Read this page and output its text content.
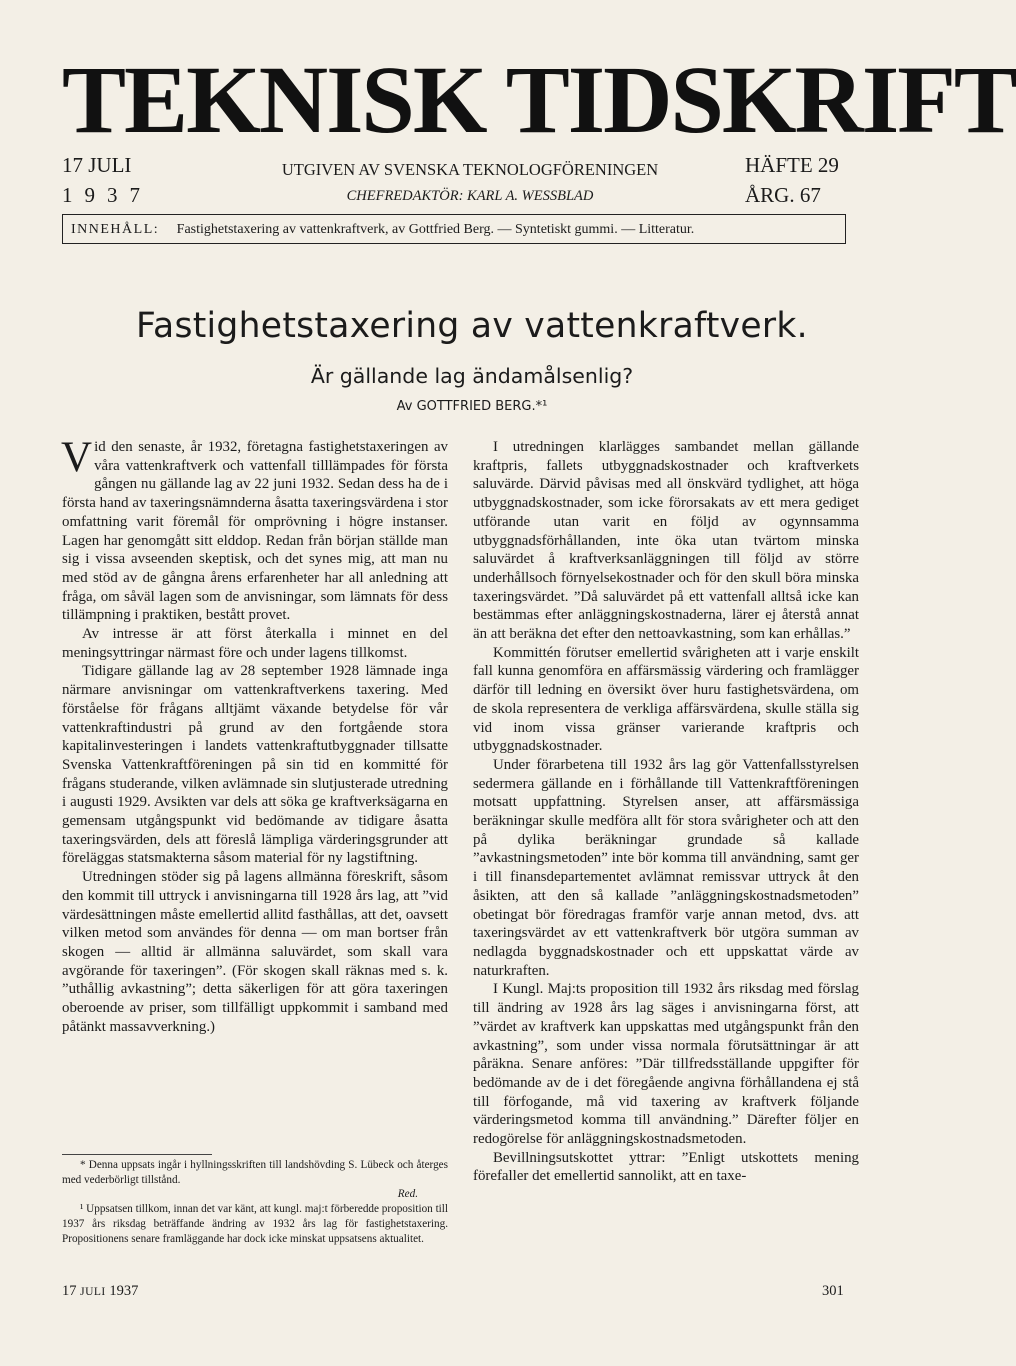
TEKNISK TIDSKRIFT
17 JULI
1937
UTGIVEN AV SVENSKA TEKNOLOGFÖRENINGEN
CHEFREDAKTÖR: KARL A. WESSBLAD
HÄFTE 29
ÅRG. 67
INNEHÅLL: Fastighetstaxering av vattenkraftverk, av Gottfried Berg. — Syntetiskt gummi. — Litteratur.
Fastighetstaxering av vattenkraftverk.
Är gällande lag ändamålsenlig?
Av GOTTFRIED BERG.*¹

Vid den senaste, år 1932, företagna fastighetstaxeringen av våra vattenkraftverk och vattenfall tilllämpades för första gången nu gällande lag av 22 juni 1932. Sedan dess ha de i första hand av taxeringsnämnderna åsatta taxeringsvärdena i stor omfattning varit föremål för omprövning i högre instanser. Lagen har genomgått sitt elddop. Redan från början ställde man sig i vissa avseenden skeptisk, och det synes mig, att man nu med stöd av de gångna årens erfarenheter har all anledning att fråga, om såväl lagen som de anvisningar, som lämnats för dess tillämpning i praktiken, bestått provet.

Av intresse är att först återkalla i minnet en del meningsyttringar närmast före och under lagens tillkomst.

Tidigare gällande lag av 28 september 1928 lämnade inga närmare anvisningar om vattenkraftverkens taxering. Med förståelse för frågans alltjämt växande betydelse för vår vattenkraftindustri på grund av den fortgående stora kapitalinvesteringen i landets vattenkraftutbyggnader tillsatte Svenska Vattenkraftföreningen på sin tid en kommitté för frågans studerande, vilken avlämnade sin slutjusterade utredning i augusti 1929. Avsikten var dels att söka ge kraftverksägarna en gemensam utgångspunkt vid bedömande av tidigare åsatta taxeringsvärden, dels att föreslå lämpliga värderingsgrunder att föreläggas statsmakterna såsom material för ny lagstiftning.

Utredningen stöder sig på lagens allmänna föreskrift, såsom den kommit till uttryck i anvisningarna till 1928 års lag, att ”vid värdesättningen måste emellertid allitd fasthållas, att det, oavsett vilken metod som användes för denna — om man bortser från skogen — alltid är allmänna saluvärdet, som skall vara avgörande för taxeringen”. (För skogen skall räknas med s. k. ”uthållig avkastning”; detta säkerligen för att göra taxeringen oberoende av priser, som tillfälligt uppkommit i samband med påtänkt massavverkning.)

* Denna uppsats ingår i hyllningsskriften till landshövding S. Lübeck och återges med vederbörligt tillstånd.

Red.

¹ Uppsatsen tillkom, innan det var känt, att kungl. maj:t förberedde proposition till 1937 års riksdag beträffande ändring av 1932 års lag för fastighetstaxering. Propositionens senare framläggande har dock icke minskat uppsatsens aktualitet.

I utredningen klarlägges sambandet mellan gällande kraftpris, fallets utbyggnadskostnader och kraftverkets saluvärde. Därvid påvisas med all önskvärd tydlighet, att höga utbyggnadskostnader, som icke förorsakats av ett mera gediget utförande utan varit en följd av ogynnsamma utbyggnadsförhållanden, inte öka utan tvärtom minska saluvärdet å kraftverksanläggningen till följd av större underhållsoch förnyelsekostnader och för den skull böra minska taxeringsvärdet. ”Då saluvärdet på ett vattenfall alltså icke kan bestämmas efter anläggningskostnaderna, lärer ej återstå annat än att beräkna det efter den nettoavkastning, som kan erhållas.”

Kommittén förutser emellertid svårigheten att i varje enskilt fall kunna genomföra en affärsmässig värdering och framlägger därför till ledning en översikt över huru fastighetsvärdena, om de skola representera de verkliga affärsvärdena, skulle ställa sig vid inom vissa gränser varierande kraftpris och utbyggnadskostnader.

Under förarbetena till 1932 års lag gör Vattenfallsstyrelsen sedermera gällande en i förhållande till Vattenkraftföreningen motsatt uppfattning. Styrelsen anser, att affärsmässiga beräkningar skulle medföra allt för stora svårigheter och att den på dylika beräkningar grundade så kallade ”avkastningsmetoden” inte bör komma till användning, samt ger i till finansdepartementet avlämnat remissvar uttryck åt den åsikten, att den så kallade ”anläggningskostnadsmetoden” obetingat bör föredragas framför varje annan metod, dvs. att taxeringsvärdet av ett vattenkraftverk bör utgöra summan av nedlagda byggnadskostnader och ett uppskattat värde av naturkraften.

I Kungl. Maj:ts proposition till 1932 års riksdag med förslag till ändring av 1928 års lag säges i anvisningarna först, att ”värdet av kraftverk kan uppskattas med utgångspunkt från den avkastning”, som under vissa normala förutsättningar är att påräkna. Senare anföres: ”Där tillfredsställande uppgifter för bedömande av de i det föregående angivna förhållandena ej stå till förfogande, må vid taxering av kraftverk följande värderingsmetod komma till användning.” Därefter följer en redogörelse för anläggningskostnadsmetoden.

Bevillningsutskottet yttrar: ”Enligt utskottets mening förefaller det emellertid sannolikt, att en taxe-

17 JULI 1937	301
